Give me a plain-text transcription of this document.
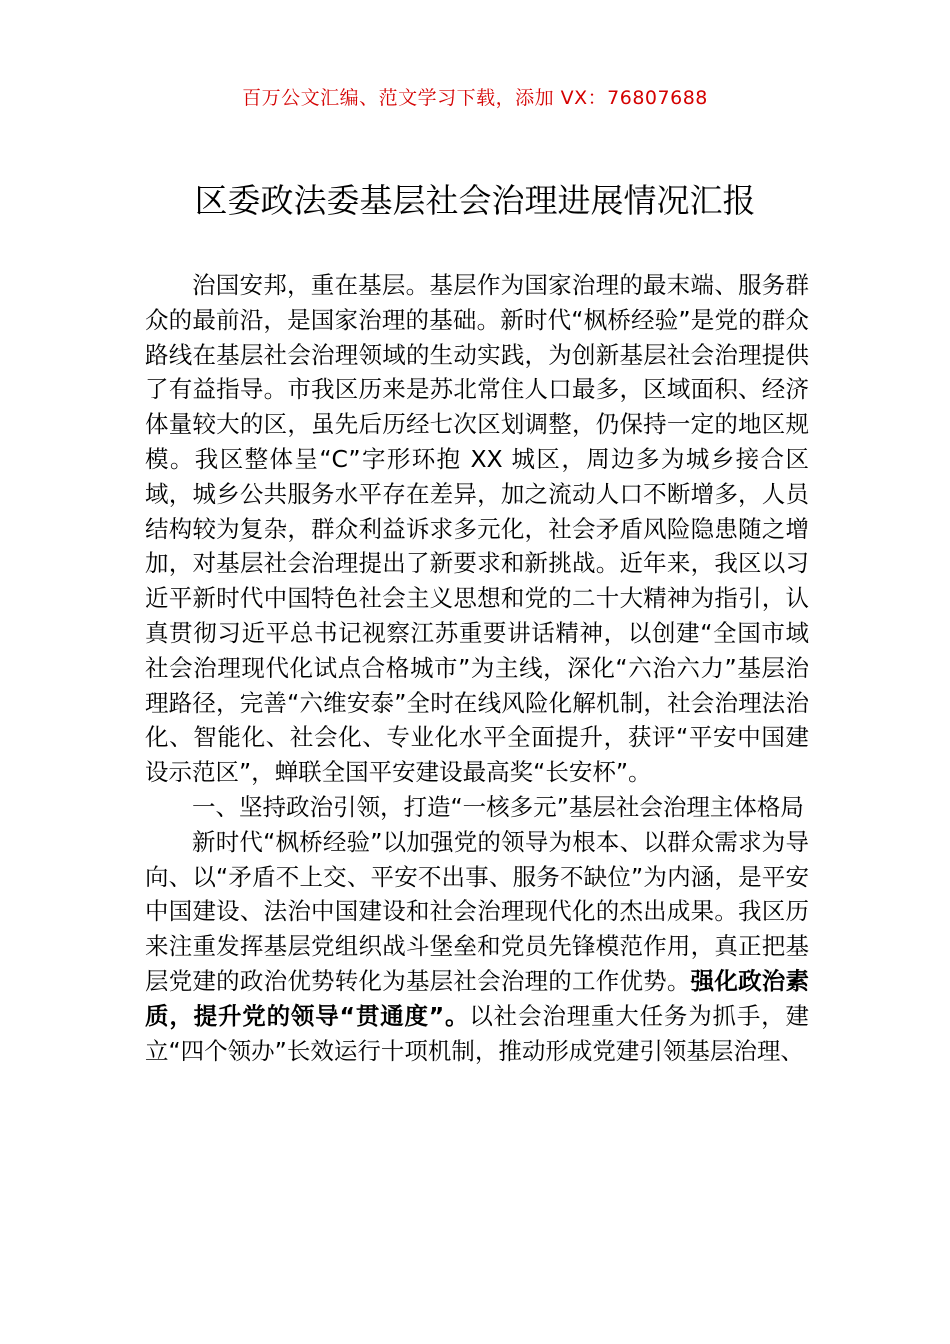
百万公文汇编、范文学习下载，添加 VX：76807688
区委政法委基层社会治理进展情况汇报

治国安邦，重在基层。基层作为国家治理的最末端、服务群众的最前沿，是国家治理的基础。新时代“枫桥经验”是党的群众路线在基层社会治理领域的生动实践，为创新基层社会治理提供了有益指导。市我区历来是苏北常住人口最多，区域面积、经济体量较大的区，虽先后历经七次区划调整，仍保持一定的地区规模。我区整体呈“C”字形环抱 XX 城区，周边多为城乡接合区域，城乡公共服务水平存在差异，加之流动人口不断增多，人员结构较为复杂，群众利益诉求多元化，社会矛盾风险隐患随之增加，对基层社会治理提出了新要求和新挑战。近年来，我区以习近平新时代中国特色社会主义思想和党的二十大精神为指引，认真贯彻习近平总书记视察江苏重要讲话精神，以创建“全国市域社会治理现代化试点合格城市”为主线，深化“六治六力”基层治理路径，完善“六维安泰”全时在线风险化解机制，社会治理法治化、智能化、社会化、专业化水平全面提升，获评“平安中国建设示范区”，蝉联全国平安建设最高奖“长安杯”。

一、坚持政治引领，打造“一核多元”基层社会治理主体格局

新时代“枫桥经验”以加强党的领导为根本、以群众需求为导向、以“矛盾不上交、平安不出事、服务不缺位”为内涵，是平安中国建设、法治中国建设和社会治理现代化的杰出成果。我区历来注重发挥基层党组织战斗堡垒和党员先锋模范作用，真正把基层党建的政治优势转化为基层社会治理的工作优势。强化政治素质，提升党的领导“贯通度”。以社会治理重大任务为抓手，建立“四个领办”长效运行十项机制，推动形成党建引领基层治理、
